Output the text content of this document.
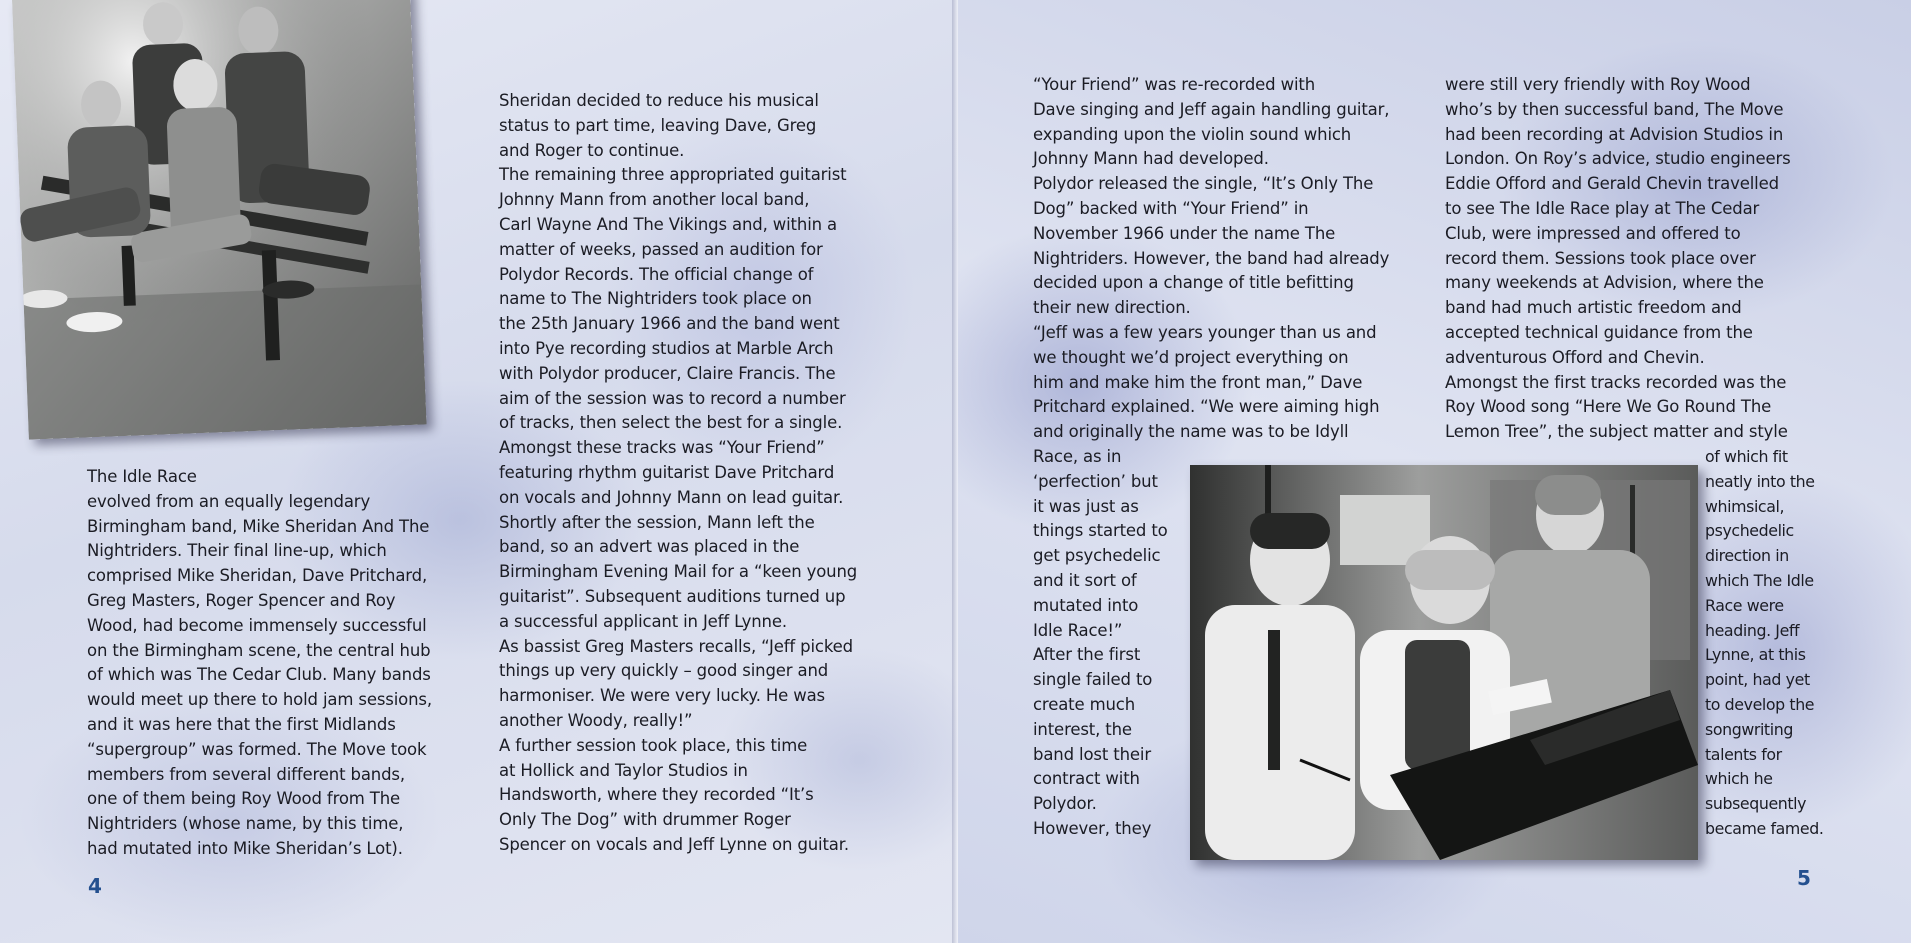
The Idle Race
evolved from an equally legendary
Birmingham band, Mike Sheridan And The
Nightriders. Their final line-up, which
comprised Mike Sheridan, Dave Pritchard,
Greg Masters, Roger Spencer and Roy
Wood, had become immensely successful
on the Birmingham scene, the central hub
of which was The Cedar Club. Many bands
would meet up there to hold jam sessions,
and it was here that the first Midlands
“supergroup” was formed. The Move took
members from several different bands,
one of them being Roy Wood from The
Nightriders (whose name, by this time,
had mutated into Mike Sheridan’s Lot).
Sheridan decided to reduce his musical
status to part time, leaving Dave, Greg
and Roger to continue.
The remaining three appropriated guitarist
Johnny Mann from another local band,
Carl Wayne And The Vikings and, within a
matter of weeks, passed an audition for
Polydor Records. The official change of
name to The Nightriders took place on
the 25th January 1966 and the band went
into Pye recording studios at Marble Arch
with Polydor producer, Claire Francis. The
aim of the session was to record a number
of tracks, then select the best for a single.
Amongst these tracks was “Your Friend”
featuring rhythm guitarist Dave Pritchard
on vocals and Johnny Mann on lead guitar.
Shortly after the session, Mann left the
band, so an advert was placed in the
Birmingham Evening Mail for a “keen young
guitarist”. Subsequent auditions turned up
a successful applicant in Jeff Lynne.
As bassist Greg Masters recalls, “Jeff picked
things up very quickly – good singer and
harmoniser. We were very lucky. He was
another Woody, really!”
A further session took place, this time
at Hollick and Taylor Studios in
Handsworth, where they recorded “It’s
Only The Dog” with drummer Roger
Spencer on vocals and Jeff Lynne on guitar.
4
“Your Friend” was re-recorded with
Dave singing and Jeff again handling guitar,
expanding upon the violin sound which
Johnny Mann had developed.
Polydor released the single, “It’s Only The
Dog” backed with “Your Friend” in
November 1966 under the name The
Nightriders. However, the band had already
decided upon a change of title befitting
their new direction.
“Jeff was a few years younger than us and
we thought we’d project everything on
him and make him the front man,” Dave
Pritchard explained. “We were aiming high
and originally the name was to be Idyll
Race, as in
‘perfection’ but
it was just as
things started to
get psychedelic
and it sort of
mutated into
Idle Race!”
After the first
single failed to
create much
interest, the
band lost their
contract with
Polydor.
However, they
were still very friendly with Roy Wood
who’s by then successful band, The Move
had been recording at Advision Studios in
London. On Roy’s advice, studio engineers
Eddie Offord and Gerald Chevin travelled
to see The Idle Race play at The Cedar
Club, were impressed and offered to
record them. Sessions took place over
many weekends at Advision, where the
band had much artistic freedom and
accepted technical guidance from the
adventurous Offord and Chevin.
Amongst the first tracks recorded was the
Roy Wood song “Here We Go Round The
Lemon Tree”, the subject matter and style
of which fit
neatly into the
whimsical,
psychedelic
direction in
which The Idle
Race were
heading. Jeff
Lynne, at this
point, had yet
to develop the
songwriting
talents for
which he
subsequently
became famed.
5
